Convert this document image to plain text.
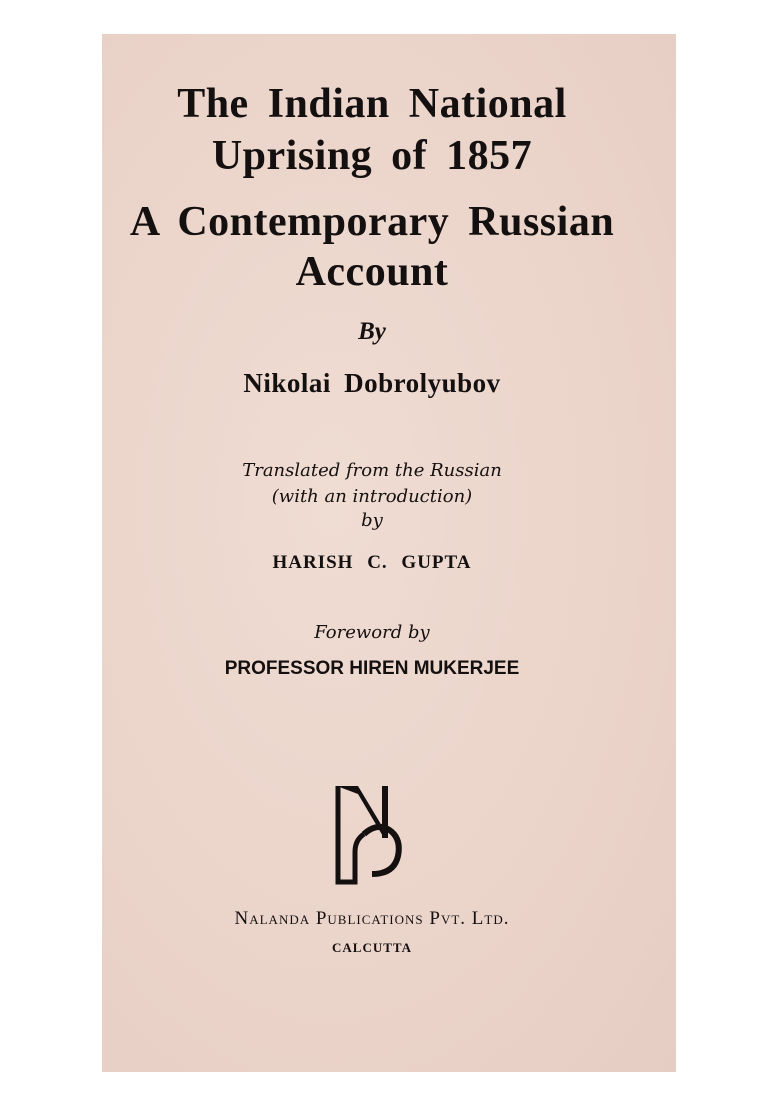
The Indian National
Uprising of 1857
A Contemporary Russian
Account
By
Nikolai Dobrolyubov
Translated from the Russian
(with an introduction)
by
HARISH C. GUPTA
Foreword by
PROFESSOR HIREN MUKERJEE
Nalanda Publications Pvt. Ltd.
CALCUTTA
